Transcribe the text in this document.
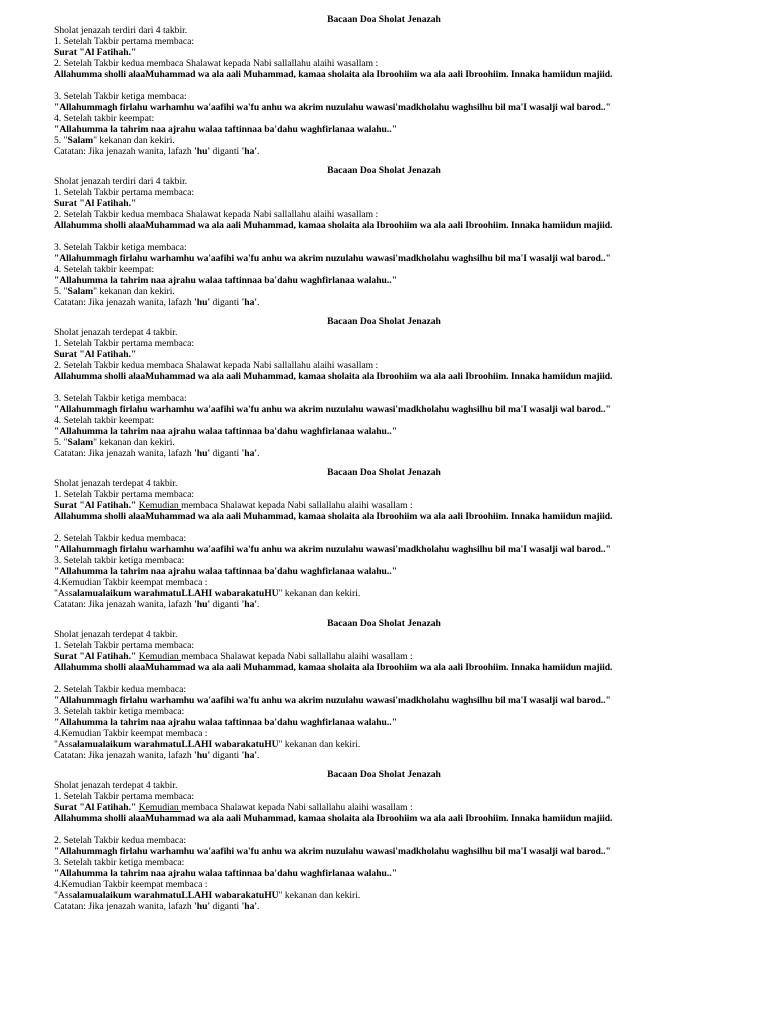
Bacaan Doa Sholat Jenazah
Sholat jenazah terdiri dari 4 takbir.
1. Setelah Takbir pertama membaca:
Surat "Al Fatihah."
2. Setelah Takbir kedua membaca Shalawat kepada Nabi sallallahu alaihi wasallam :
Allahumma sholli alaaMuhammad wa ala aali Muhammad, kamaa sholaita ala Ibroohiim wa ala aali Ibroohiim. Innaka hamiidun majiid.
3. Setelah Takbir ketiga membaca:
"Allahummagh firlahu warhamhu wa'aafihi wa'fu anhu wa akrim nuzulahu wawasi'madkholahu waghsilhu bil ma'I wasalji wal barod.."
4. Setelah takbir keempat:
"Allahumma la tahrim naa ajrahu walaa taftinnaa ba'dahu waghfirlanaa walahu.."
5. "Salam" kekanan dan kekiri.
Catatan: Jika jenazah wanita, lafazh 'hu' diganti 'ha'.
Bacaan Doa Sholat Jenazah
Sholat jenazah terdiri dari 4 takbir.
1. Setelah Takbir pertama membaca:
Surat "Al Fatihah."
2. Setelah Takbir kedua membaca Shalawat kepada Nabi sallallahu alaihi wasallam :
Allahumma sholli alaaMuhammad wa ala aali Muhammad, kamaa sholaita ala Ibroohiim wa ala aali Ibroohiim. Innaka hamiidun majiid.
3. Setelah Takbir ketiga membaca:
"Allahummagh firlahu warhamhu wa'aafihi wa'fu anhu wa akrim nuzulahu wawasi'madkholahu waghsilhu bil ma'I wasalji wal barod.."
4. Setelah takbir keempat:
"Allahumma la tahrim naa ajrahu walaa taftinnaa ba'dahu waghfirlanaa walahu.."
5. "Salam" kekanan dan kekiri.
Catatan: Jika jenazah wanita, lafazh 'hu' diganti 'ha'.
Bacaan Doa Sholat Jenazah
Sholat jenazah terdepat 4 takbir.
1. Setelah Takbir pertama membaca:
Surat "Al Fatihah."
2. Setelah Takbir kedua membaca Shalawat kepada Nabi sallallahu alaihi wasallam :
Allahumma sholli alaaMuhammad wa ala aali Muhammad, kamaa sholaita ala Ibroohiim wa ala aali Ibroohiim. Innaka hamiidun majiid.
3. Setelah Takbir ketiga membaca:
"Allahummagh firlahu warhamhu wa'aafihi wa'fu anhu wa akrim nuzulahu wawasi'madkholahu waghsilhu bil ma'I wasalji wal barod.."
4. Setelah takbir keempat:
"Allahumma la tahrim naa ajrahu walaa taftinnaa ba'dahu waghfirlanaa walahu.."
5. "Salam" kekanan dan kekiri.
Catatan: Jika jenazah wanita, lafazh 'hu' diganti 'ha'.
Bacaan Doa Sholat Jenazah
Sholat jenazah terdepat 4 takbir.
1. Setelah Takbir pertama membaca:
Surat "Al Fatihah." Kemudian membaca Shalawat kepada Nabi sallallahu alaihi wasallam :
Allahumma sholli alaaMuhammad wa ala aali Muhammad, kamaa sholaita ala Ibroohiim wa ala aali Ibroohiim. Innaka hamiidun majiid.
2. Setelah Takbir kedua membaca:
"Allahummagh firlahu warhamhu wa'aafihi wa'fu anhu wa akrim nuzulahu wawasi'madkholahu waghsilhu bil ma'I wasalji wal barod.."
3. Setelah takbir ketiga membaca:
"Allahumma la tahrim naa ajrahu walaa taftinnaa ba'dahu waghfirlanaa walahu.."
4.Kemudian Takbir keempat membaca :
"Assalamualaikum warahmatuLLAHI wabarakatuHU" kekanan dan kekiri.
Catatan: Jika jenazah wanita, lafazh 'hu' diganti 'ha'.
Bacaan Doa Sholat Jenazah
Sholat jenazah terdepat 4 takbir.
1. Setelah Takbir pertama membaca:
Surat "Al Fatihah." Kemudian membaca Shalawat kepada Nabi sallallahu alaihi wasallam :
Allahumma sholli alaaMuhammad wa ala aali Muhammad, kamaa sholaita ala Ibroohiim wa ala aali Ibroohiim. Innaka hamiidun majiid.
2. Setelah Takbir kedua membaca:
"Allahummagh firlahu warhamhu wa'aafihi wa'fu anhu wa akrim nuzulahu wawasi'madkholahu waghsilhu bil ma'I wasalji wal barod.."
3. Setelah takbir ketiga membaca:
"Allahumma la tahrim naa ajrahu walaa taftinnaa ba'dahu waghfirlanaa walahu.."
4.Kemudian Takbir keempat membaca :
"Assalamualaikum warahmatuLLAHI wabarakatuHU" kekanan dan kekiri.
Catatan: Jika jenazah wanita, lafazh 'hu' diganti 'ha'.
Bacaan Doa Sholat Jenazah
Sholat jenazah terdepat 4 takbir.
1. Setelah Takbir pertama membaca:
Surat "Al Fatihah." Kemudian membaca Shalawat kepada Nabi sallallahu alaihi wasallam :
Allahumma sholli alaaMuhammad wa ala aali Muhammad, kamaa sholaita ala Ibroohiim wa ala aali Ibroohiim. Innaka hamiidun majiid.
2. Setelah Takbir kedua membaca:
"Allahummagh firlahu warhamhu wa'aafihi wa'fu anhu wa akrim nuzulahu wawasi'madkholahu waghsilhu bil ma'I wasalji wal barod.."
3. Setelah takbir ketiga membaca:
"Allahumma la tahrim naa ajrahu walaa taftinnaa ba'dahu waghfirlanaa walahu.."
4.Kemudian Takbir keempat membaca :
"Assalamualaikum warahmatuLLAHI wabarakatuHU" kekanan dan kekiri.
Catatan: Jika jenazah wanita, lafazh 'hu' diganti 'ha'.
